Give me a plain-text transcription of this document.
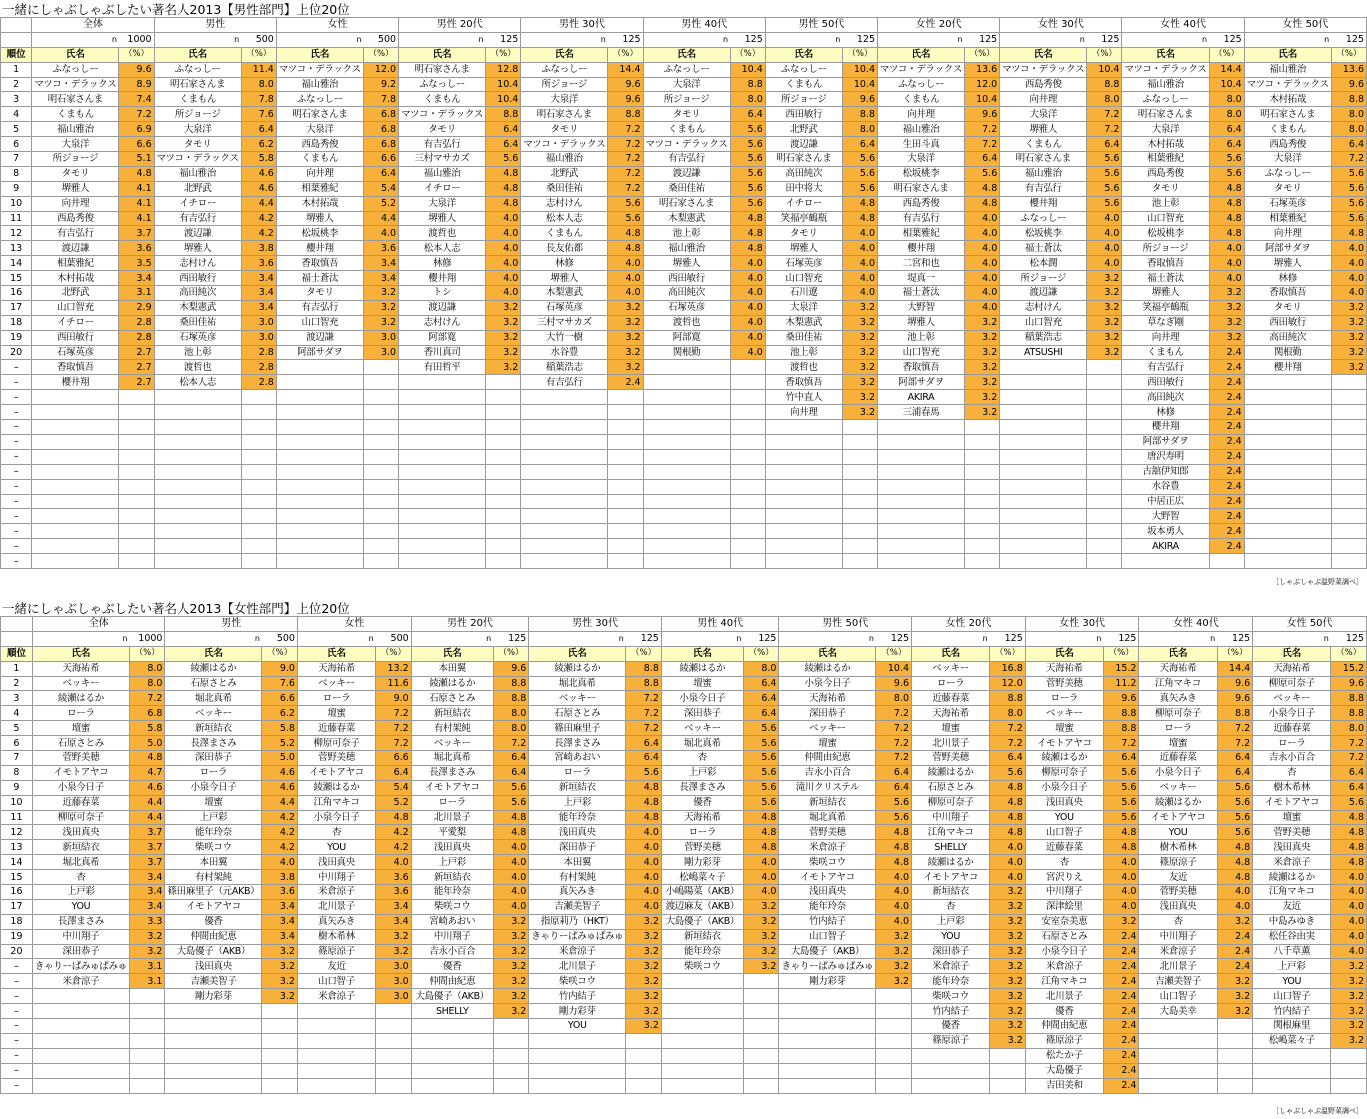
一緒にしゃぶしゃぶしたい著名人2013【男性部門】上位20位
	全体		男性		女性		男性 20代		男性 30代		男性 40代		男性 50代		女性 20代		女性 30代		女性 40代		女性 50代	
	n	1000	n	500	n	500	n	125	n	125	n	125	n	125	n	125	n	125	n	125	n	125
順位	氏名	（%）	氏名	（%）	氏名	（%）	氏名	（%）	氏名	（%）	氏名	（%）	氏名	（%）	氏名	（%）	氏名	（%）	氏名	（%）	氏名	（%）
1	ふなっしー	9.6	ふなっしー	11.4	マツコ・デラックス	12.0	明石家さんま	12.8	ふなっしー	14.4	ふなっしー	10.4	ふなっしー	10.4	マツコ・デラックス	13.6	マツコ・デラックス	10.4	マツコ・デラックス	14.4	福山雅治	13.6
2	マツコ・デラックス	8.9	明石家さんま	8.0	福山雅治	9.2	ふなっしー	10.4	所ジョージ	9.6	大泉洋	8.8	くまもん	10.4	ふなっしー	12.0	西島秀俊	8.8	福山雅治	10.4	マツコ・デラックス	9.6
3	明石家さんま	7.4	くまもん	7.8	ふなっしー	7.8	くまもん	10.4	大泉洋	9.6	所ジョージ	8.0	所ジョージ	9.6	くまもん	10.4	向井理	8.0	ふなっしー	8.0	木村拓哉	8.8
4	くまもん	7.2	所ジョージ	7.6	明石家さんま	6.8	マツコ・デラックス	8.8	明石家さんま	8.8	タモリ	6.4	西田敏行	8.8	向井理	9.6	大泉洋	7.2	明石家さんま	8.0	明石家さんま	8.0
5	福山雅治	6.9	大泉洋	6.4	大泉洋	6.8	タモリ	6.4	タモリ	7.2	くまもん	5.6	北野武	8.0	福山雅治	7.2	堺雅人	7.2	大泉洋	6.4	くまもん	8.0
6	大泉洋	6.6	タモリ	6.2	西島秀俊	6.8	有吉弘行	6.4	マツコ・デラックス	7.2	マツコ・デラックス	5.6	渡辺謙	6.4	生田斗真	7.2	くまもん	6.4	木村拓哉	6.4	西島秀俊	6.4
7	所ジョージ	5.1	マツコ・デラックス	5.8	くまもん	6.6	三村マサカズ	5.6	福山雅治	7.2	有吉弘行	5.6	明石家さんま	5.6	大泉洋	6.4	明石家さんま	5.6	相葉雅紀	5.6	大泉洋	7.2
8	タモリ	4.8	福山雅治	4.6	向井理	6.4	福山雅治	4.8	北野武	7.2	渡辺謙	5.6	高田純次	5.6	松坂桃李	5.6	福山雅治	5.6	西島秀俊	5.6	ふなっしー	5.6
9	堺雅人	4.1	北野武	4.6	相葉雅紀	5.4	イチロー	4.8	桑田佳祐	7.2	桑田佳祐	5.6	田中将大	5.6	明石家さんま	4.8	有吉弘行	5.6	タモリ	4.8	タモリ	5.6
10	向井理	4.1	イチロー	4.4	木村拓哉	5.2	大泉洋	4.8	志村けん	5.6	明石家さんま	5.6	イチロー	4.8	西島秀俊	4.8	櫻井翔	5.6	池上彰	4.8	石塚英彦	5.6
11	西島秀俊	4.1	有吉弘行	4.2	堺雅人	4.4	堺雅人	4.0	松本人志	5.6	木梨憲武	4.8	笑福亭鶴瓶	4.8	有吉弘行	4.0	ふなっしー	4.0	山口智充	4.8	相葉雅紀	5.6
12	有吉弘行	3.7	渡辺謙	4.2	松坂桃李	4.0	渡哲也	4.0	くまもん	4.8	池上彰	4.8	タモリ	4.0	相葉雅紀	4.0	松坂桃李	4.0	松坂桃李	4.8	向井理	4.8
13	渡辺謙	3.6	堺雅人	3.8	櫻井翔	3.6	松本人志	4.0	長友佑都	4.8	福山雅治	4.8	堺雅人	4.0	櫻井翔	4.0	福士蒼汰	4.0	所ジョージ	4.0	阿部サダヲ	4.0
14	相葉雅紀	3.5	志村けん	3.6	香取慎吾	3.4	林修	4.0	林修	4.0	堺雅人	4.0	石塚英彦	4.0	二宮和也	4.0	松本潤	4.0	香取慎吾	4.0	堺雅人	4.0
15	木村拓哉	3.4	西田敏行	3.4	福士蒼汰	3.4	櫻井翔	4.0	堺雅人	4.0	西田敏行	4.0	山口智充	4.0	堤真一	4.0	所ジョージ	3.2	福士蒼汰	4.0	林修	4.0
16	北野武	3.1	高田純次	3.4	タモリ	3.2	トシ	4.0	木梨憲武	4.0	高田純次	4.0	石川遼	4.0	福士蒼汰	4.0	渡辺謙	3.2	堺雅人	3.2	香取慎吾	4.0
17	山口智充	2.9	木梨憲武	3.4	有吉弘行	3.2	渡辺謙	3.2	石塚英彦	3.2	石塚英彦	4.0	大泉洋	3.2	大野智	4.0	志村けん	3.2	笑福亭鶴瓶	3.2	タモリ	3.2
18	イチロー	2.8	桑田佳祐	3.0	山口智充	3.2	志村けん	3.2	三村マサカズ	3.2	渡哲也	4.0	木梨憲武	3.2	堺雅人	3.2	山口智充	3.2	草なぎ剛	3.2	西田敏行	3.2
19	西田敏行	2.8	石塚英彦	3.0	渡辺謙	3.0	阿部寛	3.2	大竹一樹	3.2	阿部寛	4.0	桑田佳祐	3.2	池上彰	3.2	稲葉浩志	3.2	向井理	3.2	高田純次	3.2
20	石塚英彦	2.7	池上彰	2.8	阿部サダヲ	3.0	香川真司	3.2	水谷豊	3.2	関根勤	4.0	池上彰	3.2	山口智充	3.2	ATSUSHI	3.2	くまもん	2.4	関根勤	3.2
–	香取慎吾	2.7	渡哲也	2.8			有田哲平	3.2	稲葉浩志	3.2			渡哲也	3.2	香取慎吾	3.2			有吉弘行	2.4	櫻井翔	3.2
–	櫻井翔	2.7	松本人志	2.8					有吉弘行	2.4			香取慎吾	3.2	阿部サダヲ	3.2			西田敏行	2.4		
–													竹中直人	3.2	AKIRA	3.2			高田純次	2.4		
–													向井理	3.2	三浦春馬	3.2			林修	2.4		
–																			櫻井翔	2.4		
–																			阿部サダヲ	2.4		
–																			唐沢寿明	2.4		
–																			古舘伊知郎	2.4		
–																			水谷豊	2.4		
–																			中居正広	2.4		
–																			大野智	2.4		
–																			坂本勇人	2.4		
–																			AKIRA	2.4		
–																						
［しゃぶしゃぶ温野菜調べ］
一緒にしゃぶしゃぶしたい著名人2013【女性部門】上位20位
	全体		男性		女性		男性 20代		男性 30代		男性 40代		男性 50代		女性 20代		女性 30代		女性 40代		女性 50代	
	n	1000	n	500	n	500	n	125	n	125	n	125	n	125	n	125	n	125	n	125	n	125
順位	氏名	（%）	氏名	（%）	氏名	（%）	氏名	（%）	氏名	（%）	氏名	（%）	氏名	（%）	氏名	（%）	氏名	（%）	氏名	（%）	氏名	（%）
1	天海祐希	8.0	綾瀬はるか	9.0	天海祐希	13.2	本田翼	9.6	綾瀬はるか	8.8	綾瀬はるか	8.0	綾瀬はるか	10.4	ベッキー	16.8	天海祐希	15.2	天海祐希	14.4	天海祐希	15.2
2	ベッキー	8.0	石原さとみ	7.6	ベッキー	11.6	綾瀬はるか	8.8	堀北真希	8.8	壇蜜	6.4	小泉今日子	9.6	ローラ	12.0	菅野美穂	11.2	江角マキコ	9.6	柳原可奈子	9.6
3	綾瀬はるか	7.2	堀北真希	6.6	ローラ	9.0	石原さとみ	8.8	ベッキー	7.2	小泉今日子	6.4	天海祐希	8.0	近藤春菜	8.8	ローラ	9.6	真矢みき	9.6	ベッキー	8.8
4	ローラ	6.8	ベッキー	6.2	壇蜜	7.2	新垣結衣	8.0	石原さとみ	7.2	深田恭子	6.4	深田恭子	7.2	天海祐希	8.0	ベッキー	8.8	柳原可奈子	8.8	小泉今日子	8.8
5	壇蜜	5.8	新垣結衣	5.8	近藤春菜	7.2	有村架純	8.0	篠田麻里子	7.2	ベッキー	5.6	ベッキー	7.2	壇蜜	7.2	壇蜜	8.8	ローラ	7.2	近藤春菜	8.0
6	石原さとみ	5.0	長澤まさみ	5.2	柳原可奈子	7.2	ベッキー	7.2	長澤まさみ	6.4	堀北真希	5.6	壇蜜	7.2	北川景子	7.2	イモトアヤコ	7.2	壇蜜	7.2	ローラ	7.2
7	菅野美穂	4.8	深田恭子	5.0	菅野美穂	6.6	堀北真希	6.4	宮崎あおい	6.4	杏	5.6	仲間由紀恵	7.2	菅野美穂	6.4	綾瀬はるか	6.4	近藤春菜	6.4	吉永小百合	7.2
8	イモトアヤコ	4.7	ローラ	4.6	イモトアヤコ	6.4	長澤まさみ	6.4	ローラ	5.6	上戸彩	5.6	吉永小百合	6.4	綾瀬はるか	5.6	柳原可奈子	5.6	小泉今日子	6.4	杏	6.4
9	小泉今日子	4.6	小泉今日子	4.6	綾瀬はるか	5.4	イモトアヤコ	5.6	新垣結衣	4.8	長澤まさみ	5.6	滝川クリステル	6.4	石原さとみ	4.8	小泉今日子	5.6	ベッキー	5.6	樹木希林	6.4
10	近藤春菜	4.4	壇蜜	4.4	江角マキコ	5.2	ローラ	5.6	上戸彩	4.8	優香	5.6	新垣結衣	5.6	柳原可奈子	4.8	浅田真央	5.6	綾瀬はるか	5.6	イモトアヤコ	5.6
11	柳原可奈子	4.4	上戸彩	4.2	小泉今日子	4.8	北川景子	4.8	能年玲奈	4.8	天海祐希	4.8	堀北真希	5.6	中川翔子	4.8	YOU	5.6	イモトアヤコ	5.6	壇蜜	4.8
12	浅田真央	3.7	能年玲奈	4.2	杏	4.2	平愛梨	4.8	浅田真央	4.0	ローラ	4.8	菅野美穂	4.8	江角マキコ	4.8	山口智子	4.8	YOU	5.6	菅野美穂	4.8
13	新垣結衣	3.7	柴咲コウ	4.2	YOU	4.2	浅田真央	4.0	深田恭子	4.0	菅野美穂	4.8	米倉涼子	4.8	SHELLY	4.0	近藤春菜	4.8	樹木希林	4.8	浅田真央	4.8
14	堀北真希	3.7	本田翼	4.0	浅田真央	4.0	上戸彩	4.0	本田翼	4.0	剛力彩芽	4.0	柴咲コウ	4.8	綾瀬はるか	4.0	杏	4.0	篠原涼子	4.8	米倉涼子	4.8
15	杏	3.4	有村架純	3.8	中川翔子	3.6	新垣結衣	4.0	有村架純	4.0	松嶋菜々子	4.0	イモトアヤコ	4.0	イモトアヤコ	4.0	宮沢りえ	4.0	友近	4.8	綾瀬はるか	4.0
16	上戸彩	3.4	篠田麻里子（元AKB）	3.6	米倉涼子	3.6	能年玲奈	4.0	真矢みき	4.0	小嶋陽菜（AKB）	4.0	浅田真央	4.0	新垣結衣	3.2	中川翔子	4.0	菅野美穂	4.0	江角マキコ	4.0
17	YOU	3.4	イモトアヤコ	3.4	北川景子	3.4	柴咲コウ	4.0	吉瀬美智子	4.0	渡辺麻友（AKB）	3.2	能年玲奈	4.0	杏	3.2	深津絵里	4.0	浅田真央	4.0	友近	4.0
18	長澤まさみ	3.3	優香	3.4	真矢みき	3.4	宮崎あおい	3.2	指原莉乃（HKT）	3.2	大島優子（AKB）	3.2	竹内結子	4.0	上戸彩	3.2	安室奈美恵	3.2	杏	3.2	中島みゆき	4.0
19	中川翔子	3.2	仲間由紀恵	3.4	樹木希林	3.2	中川翔子	3.2	きゃりーぱみゅぱみゅ	3.2	新垣結衣	3.2	山口智子	3.2	YOU	3.2	石原さとみ	2.4	中川翔子	2.4	松任谷由実	4.0
20	深田恭子	3.2	大島優子（AKB）	3.2	篠原涼子	3.2	吉永小百合	3.2	米倉涼子	3.2	能年玲奈	3.2	大島優子（AKB）	3.2	深田恭子	3.2	小泉今日子	2.4	米倉涼子	2.4	八千草薫	4.0
–	きゃりーぱみゅぱみゅ	3.1	浅田真央	3.2	友近	3.0	優香	3.2	北川景子	3.2	柴咲コウ	3.2	きゃりーぱみゅぱみゅ	3.2	米倉涼子	3.2	米倉涼子	2.4	北川景子	2.4	上戸彩	3.2
–	米倉涼子	3.1	吉瀬美智子	3.2	山口智子	3.0	仲間由紀恵	3.2	柴咲コウ	3.2			剛力彩芽	3.2	能年玲奈	3.2	江角マキコ	2.4	吉瀬美智子	3.2	YOU	3.2
–			剛力彩芽	3.2	米倉涼子	3.0	大島優子（AKB）	3.2	竹内結子	3.2					柴咲コウ	3.2	北川景子	2.4	山口智子	3.2	山口智子	3.2
–							SHELLY	3.2	剛力彩芽	3.2					竹内結子	3.2	優香	2.4	大島美幸	3.2	竹内結子	3.2
–									YOU	3.2					優香	3.2	仲間由紀恵	2.4			関根麻里	3.2
–															篠原涼子	3.2	篠原涼子	2.4			松嶋菜々子	3.2
–																	松たか子	2.4				
–																	大島優子	2.4				
–																	吉田美和	2.4				
［しゃぶしゃぶ温野菜調べ］
